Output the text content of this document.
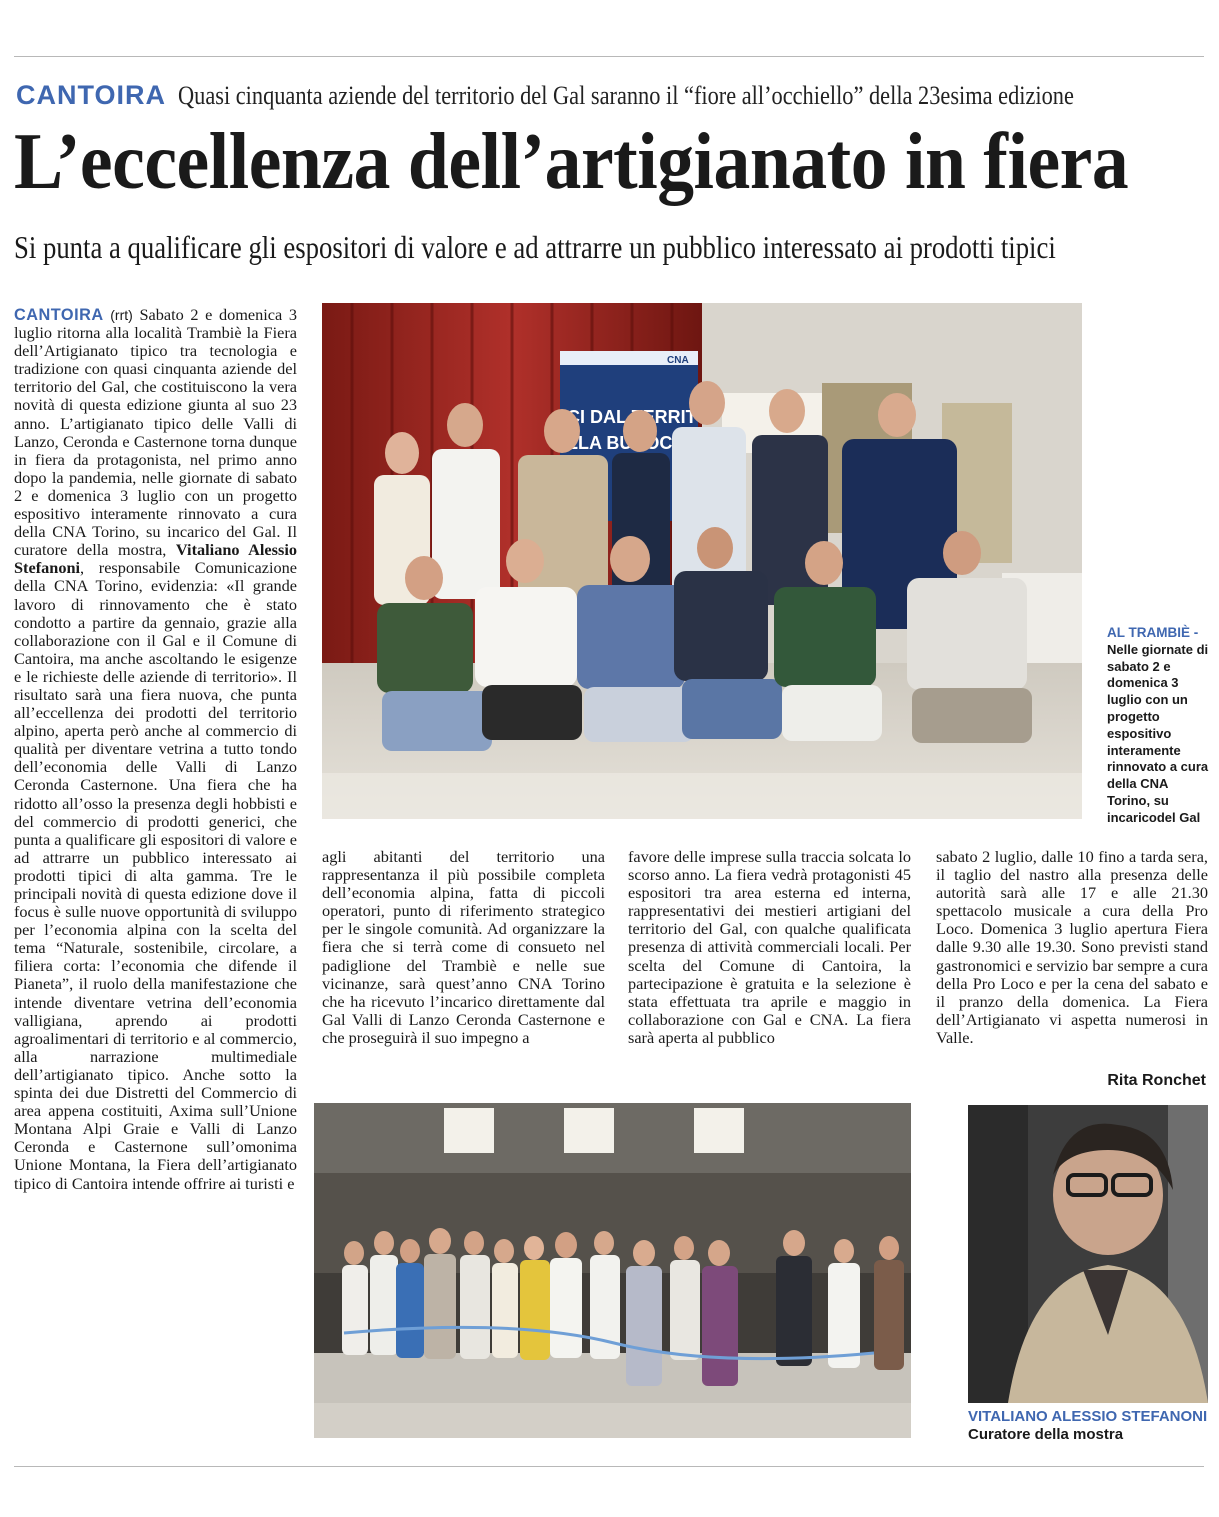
CANTOIRA Quasi cinquanta aziende del territorio del Gal saranno il “fiore all’occhiello” della 23esima edizione
L’eccellenza dell’artigianato in fiera
Si punta a qualificare gli espositori di valore e ad attrarre un pubblico interessato ai prodotti tipici

CANTOIRA (rrt) Sabato 2 e domenica 3 luglio ritorna alla località Trambiè la Fiera dell’Artigianato tipico tra tecnologia e tradizione con quasi cinquanta aziende del territorio del Gal, che costituiscono la vera novità di questa edizione giunta al suo 23 anno. L’artigianato tipico delle Valli di Lanzo, Ceronda e Casternone torna dunque in fiera da protagonista, nel primo anno dopo la pandemia, nelle giornate di sabato 2 e domenica 3 luglio con un progetto espositivo interamente rinnovato a cura della CNA Torino, su incarico del Gal. Il curatore della mostra, Vitaliano Alessio Stefanoni, responsabile Comunicazione della CNA Torino, evidenzia: «Il grande lavoro di rinnovamento che è stato condotto a partire da gennaio, grazie alla collaborazione con il Gal e il Comune di Cantoira, ma anche ascoltando le esigenze e le richieste delle aziende di territorio». Il risultato sarà una fiera nuova, che punta all’eccellenza dei prodotti del territorio alpino, aperta però anche al commercio di qualità per diventare vetrina a tutto tondo dell’economia delle Valli di Lanzo Ceronda Casternone. Una fiera che ha ridotto all’osso la presenza degli hobbisti e del commercio di prodotti generici, che punta a qualificare gli espositori di valore e ad attrarre un pubblico interessato ai prodotti tipici di alta gamma. Tre le principali novità di questa edizione dove il focus è sulle nuove opportunità di sviluppo per l’economia alpina con la scelta del tema “Naturale, sostenibile, circolare, a filiera corta: l’economia che difende il Pianeta”, il ruolo della manifestazione che intende diventare vetrina dell’economia valligiana, aprendo ai prodotti agroalimentari di territorio e al commercio, alla narrazione multimediale dell’artigianato tipico. Anche sotto la spinta dei due Distretti del Commercio di area appena costituiti, Axima sull’Unione Montana Alpi Graie e Valli di Lanzo Ceronda e Casternone sull’omonima Unione Montana, la Fiera dell’artigianato tipico di Cantoira intende offrire ai turisti e

CI DAL TERRITO
LLA BUROCRAZ
CNA
AL TRAMBIÈ -
Nelle giornate di sabato 2 e domenica 3 luglio con un progetto espositivo interamente rinnovato a cura della CNA Torino, su incaricodel Gal

agli abitanti del territorio una rappresentanza il più possibile completa dell’economia alpina, fatta di piccoli operatori, punto di riferimento strategico per le singole comunità. Ad organizzare la fiera che si terrà come di consueto nel padiglione del Trambiè e nelle sue vicinanze, sarà quest’anno CNA Torino che ha ricevuto l’incarico direttamente dal Gal Valli di Lanzo Ceronda Casternone e che proseguirà il suo impegno a

favore delle imprese sulla traccia solcata lo scorso anno. La fiera vedrà protagonisti 45 espositori tra area esterna ed interna, rappresentativi dei mestieri artigiani del territorio del Gal, con qualche qualificata presenza di attività commerciali locali. Per scelta del Comune di Cantoira, la partecipazione è gratuita e la selezione è stata effettuata tra aprile e maggio in collaborazione con Gal e CNA. La fiera sarà aperta al pubblico

sabato 2 luglio, dalle 10 fino a tarda sera, il taglio del nastro alla presenza delle autorità sarà alle 17 e alle 21.30 spettacolo musicale a cura della Pro Loco. Domenica 3 luglio apertura Fiera dalle 9.30 alle 19.30. Sono previsti stand gastronomici e servizio bar sempre a cura della Pro Loco e per la cena del sabato e il pranzo della domenica. La Fiera dell’Artigianato vi aspetta numerosi in Valle.

Rita Ronchet
VITALIANO ALESSIO STEFANONI
Curatore della mostra
